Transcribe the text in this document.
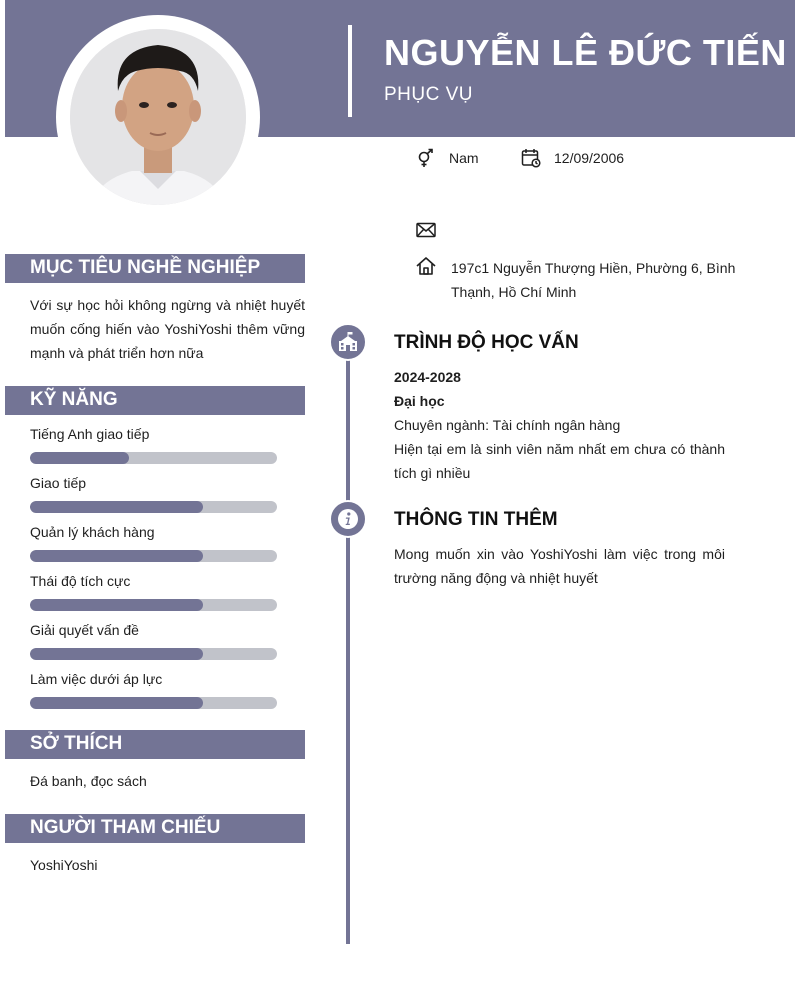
NGUYỄN LÊ ĐỨC TIẾN
PHỤC VỤ
Nam	12/09/2006
197c1 Nguyễn Thượng Hiền, Phường 6, Bình Thạnh, Hồ Chí Minh
MỤC TIÊU NGHỀ NGHIỆP
Với sự học hỏi không ngừng và nhiệt huyết muốn cống hiến vào YoshiYoshi thêm vững mạnh và phát triển hơn nữa
KỸ NĂNG
Tiếng Anh giao tiếp
Giao tiếp
Quản lý khách hàng
Thái độ tích cực
Giải quyết vấn đề
Làm việc dưới áp lực
SỞ THÍCH
Đá banh, đọc sách
NGƯỜI THAM CHIẾU
YoshiYoshi
TRÌNH ĐỘ HỌC VẤN
2024-2028
Đại học
Chuyên ngành: Tài chính ngân hàng
Hiện tại em là sinh viên năm nhất em chưa có thành tích gì nhiều
THÔNG TIN THÊM
Mong muốn xin vào YoshiYoshi làm việc trong môi trường năng động và nhiệt huyết
